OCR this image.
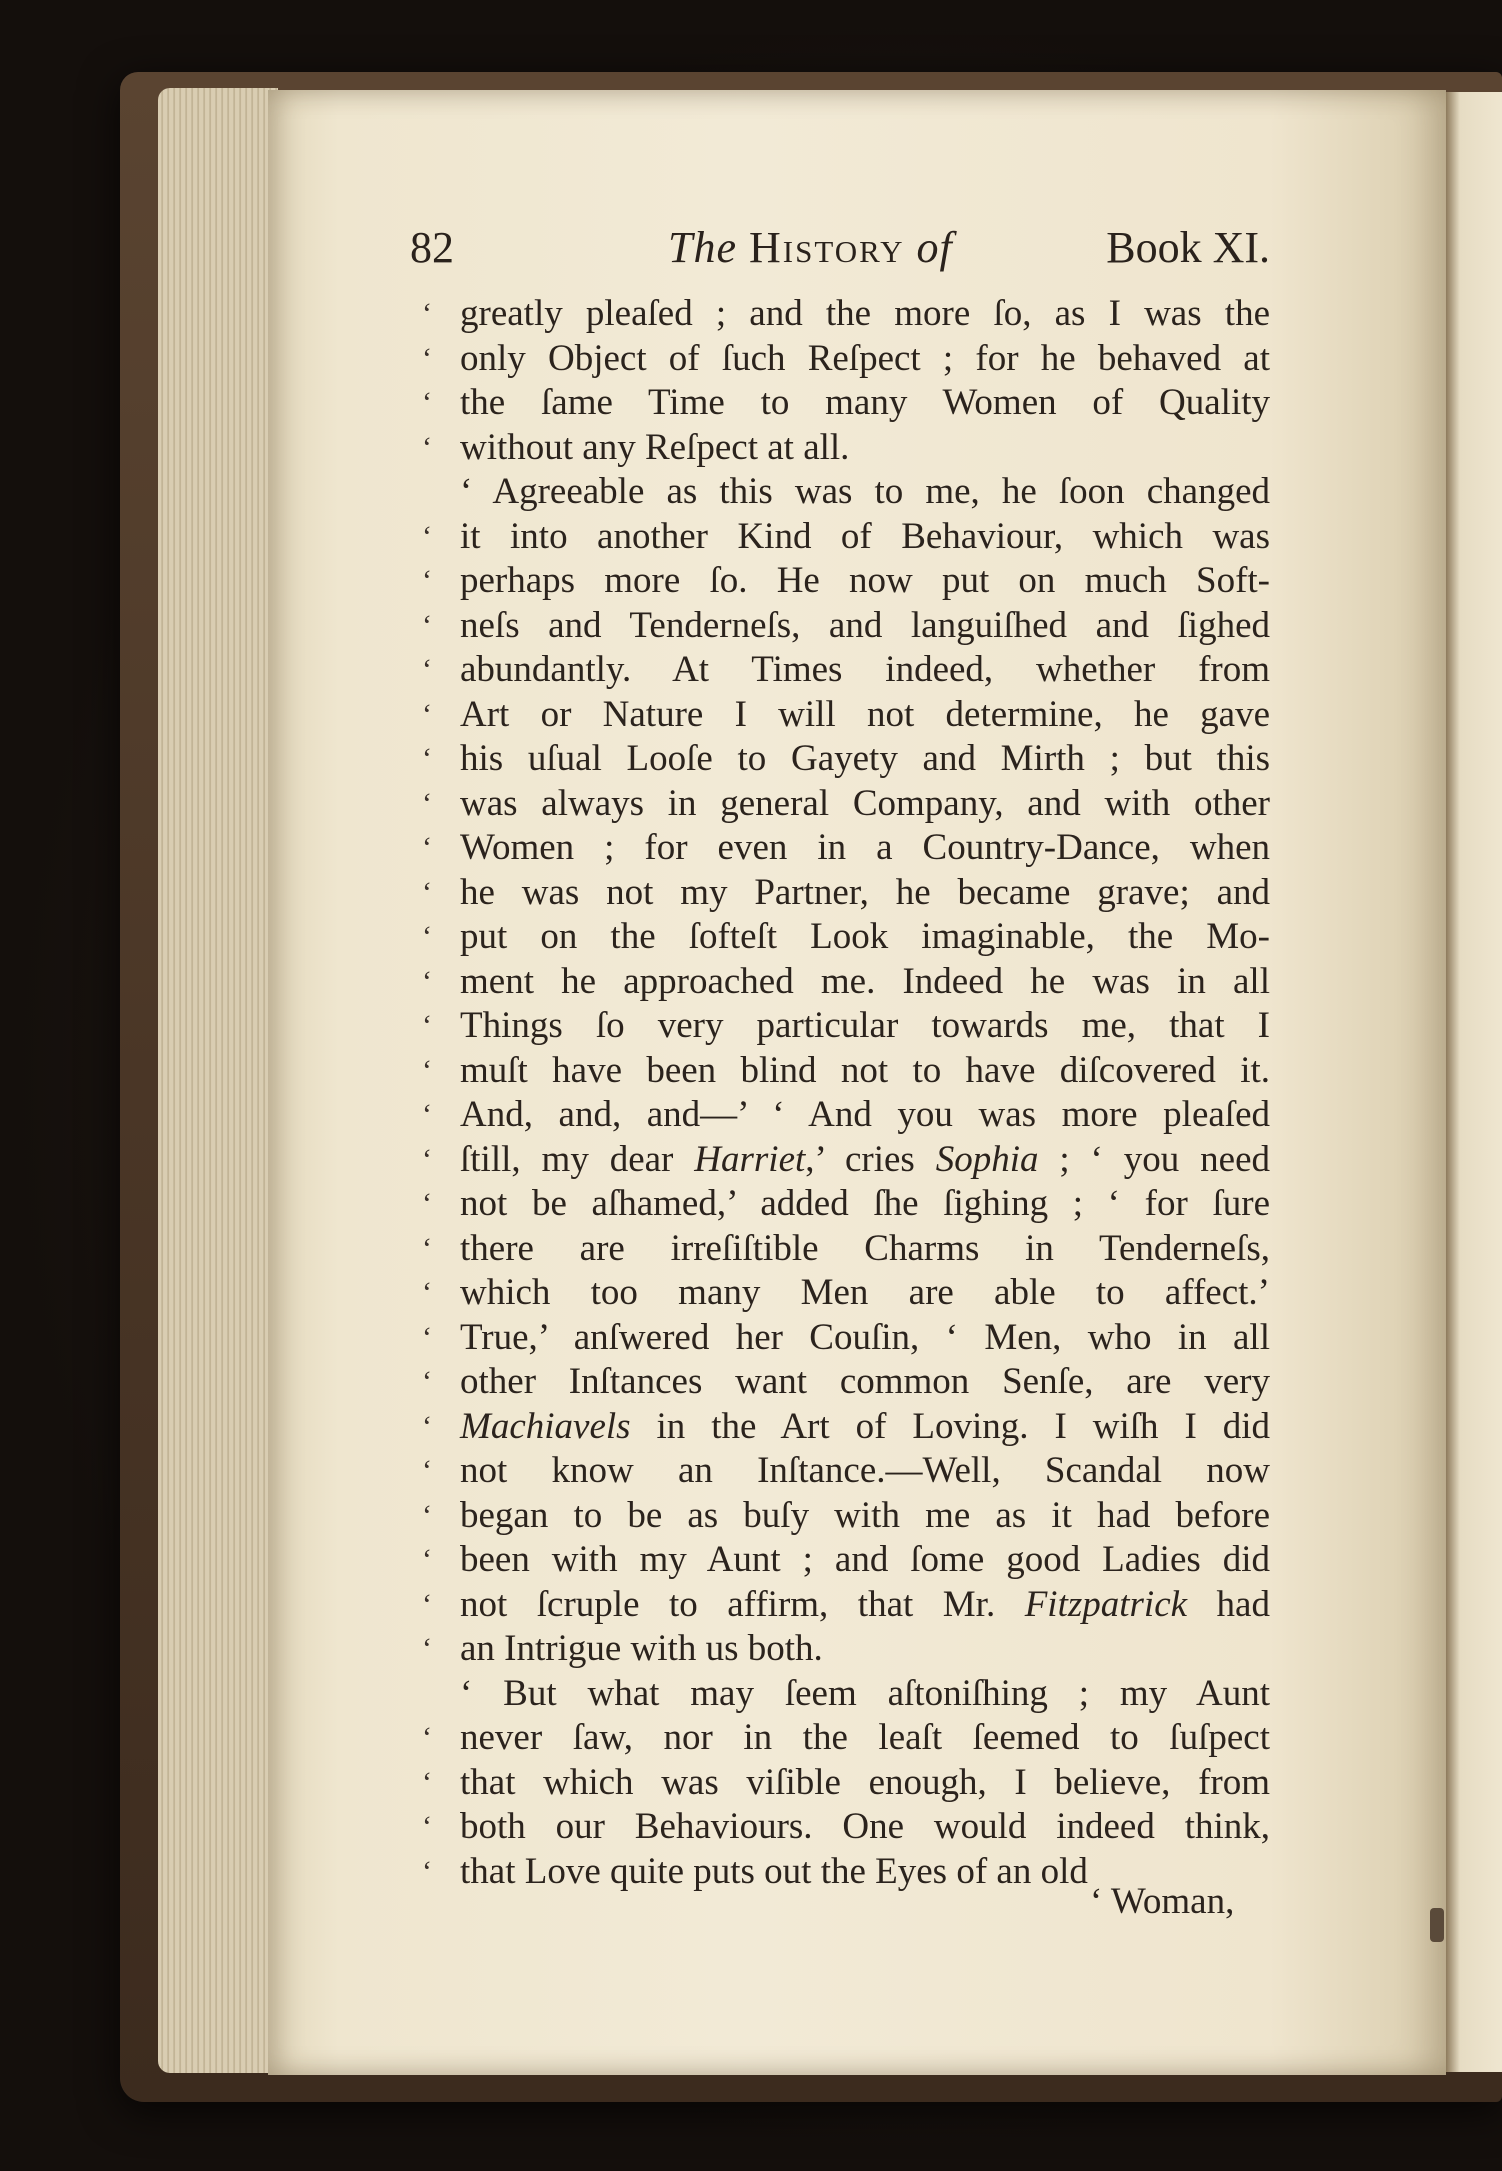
82	The History of	Book XI.
‘ greatly pleaſed ; and the more ſo, as I was the
‘ only Object of ſuch Reſpect ; for he behaved at
‘ the ſame Time to many Women of Quality
‘ without any Reſpect at all.
‘ Agreeable as this was to me, he ſoon changed
‘ it into another Kind of Behaviour, which was
‘ perhaps more ſo. He now put on much Soft-
‘ neſs and Tenderneſs, and languiſhed and ſighed
‘ abundantly. At Times indeed, whether from
‘ Art or Nature I will not determine, he gave
‘ his uſual Looſe to Gayety and Mirth ; but this
‘ was always in general Company, and with other
‘ Women ; for even in a Country-Dance, when
‘ he was not my Partner, he became grave; and
‘ put on the ſofteſt Look imaginable, the Mo-
‘ ment he approached me. Indeed he was in all
‘ Things ſo very particular towards me, that I
‘ muſt have been blind not to have diſcovered it.
‘ And, and, and—’ ‘ And you was more pleaſed
‘ ſtill, my dear Harriet,’ cries Sophia ; ‘ you need
‘ not be aſhamed,’ added ſhe ſighing ; ‘ for ſure
‘ there are irreſiſtible Charms in Tenderneſs,
‘ which too many Men are able to affect.’
‘ True,’ anſwered her Couſin, ‘ Men, who in all
‘ other Inſtances want common Senſe, are very
‘ Machiavels in the Art of Loving. I wiſh I did
‘ not know an Inſtance.—Well, Scandal now
‘ began to be as buſy with me as it had before
‘ been with my Aunt ; and ſome good Ladies did
‘ not ſcruple to affirm, that Mr. Fitzpatrick had
‘ an Intrigue with us both.
‘ But what may ſeem aſtoniſhing ; my Aunt
‘ never ſaw, nor in the leaſt ſeemed to ſuſpect
‘ that which was viſible enough, I believe, from
‘ both our Behaviours. One would indeed think,
‘ that Love quite puts out the Eyes of an old
‘ Woman,
